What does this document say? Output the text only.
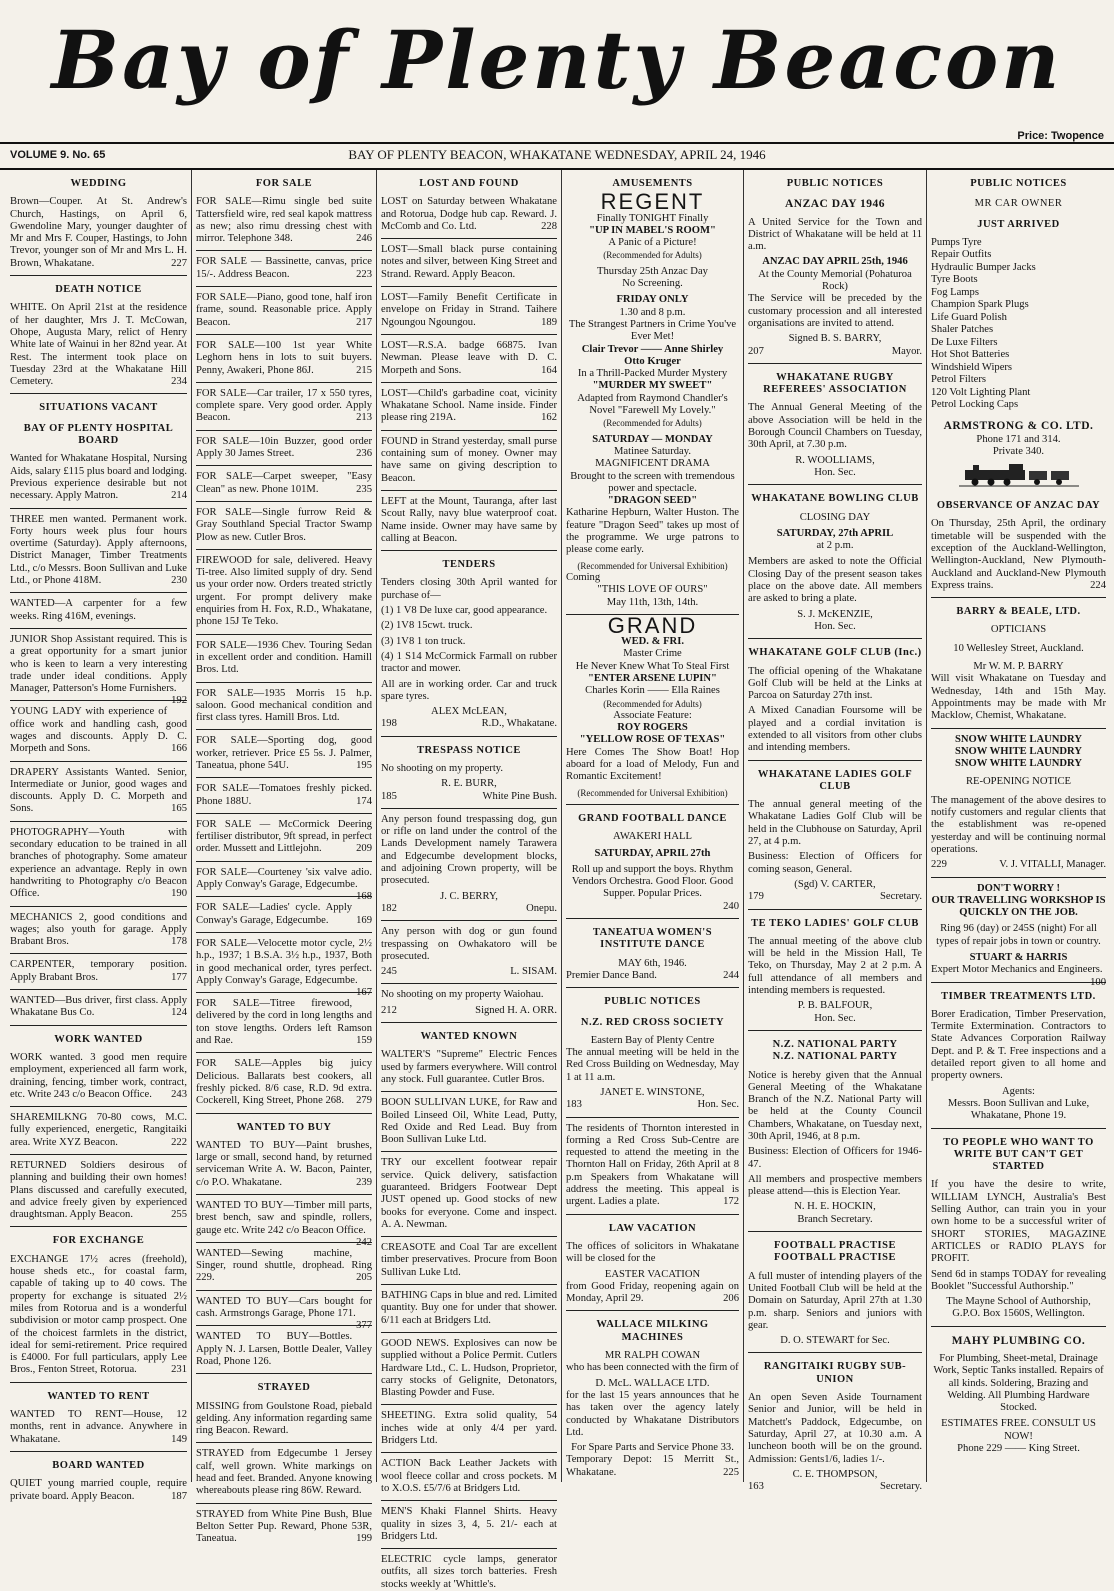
Bay of Plenty Beacon
Price: Twopence
VOLUME 9. No. 65	BAY OF PLENTY BEACON, WHAKATANE WEDNESDAY, APRIL 24, 1946
WEDDING
Brown—Couper. At St. Andrew's Church, Hastings, on April 6, Gwendoline Mary, younger daughter of Mr and Mrs F. Couper, Hastings, to John Trevor, younger son of Mr and Mrs L. H. Brown, Whakatane.	227
DEATH NOTICE
WHITE. On April 21st at the residence of her daughter, Mrs J. T. McCowan, Ohope, Augusta Mary, relict of Henry White late of Wainui in her 82nd year. At Rest. The interment took place on Tuesday 23rd at the Whakatane Hill Cemetery.	234
SITUATIONS VACANT
BAY OF PLENTY HOSPITAL BOARD
Wanted for Whakatane Hospital, Nursing Aids, salary £115 plus board and lodging. Previous experience desirable but not necessary. Apply Matron.	214
THREE men wanted. Permanent work. Forty hours week plus four hours overtime (Saturday). Apply afternoons, District Manager, Timber Treatments Ltd., c/o Messrs. Boon Sullivan and Luke Ltd., or Phone 418M.	230
WANTED—A carpenter for a few weeks. Ring 416M, evenings.
JUNIOR Shop Assistant required. This is a great opportunity for a smart junior who is keen to learn a very interesting trade under ideal conditions. Apply Manager, Patterson's Home Furnishers.
192
YOUNG LADY with experience of office work and handling cash, good wages and discounts. Apply D. C. Morpeth and Sons.	166
DRAPERY Assistants Wanted. Senior, Intermediate or Junior, good wages and discounts. Apply D. C. Morpeth and Sons.	165
PHOTOGRAPHY—Youth with secondary education to be trained in all branches of photography. Some amateur experience an advantage. Reply in own handwriting to Photography c/o Beacon Office.	190
MECHANICS 2, good conditions and wages; also youth for garage. Apply Brabant Bros.	178
CARPENTER, temporary position. Apply Brabant Bros.	177
WANTED—Bus driver, first class. Apply Whakatane Bus Co.	124
WORK WANTED
WORK wanted. 3 good men require employment, experienced all farm work, draining, fencing, timber work, contract, etc. Write 243 c/o Beacon Office. 243
SHAREMILKNG 70-80 cows, M.C. fully experienced, energetic, Rangitaiki area. Write XYZ Beacon.	222
RETURNED Soldiers desirous of planning and building their own homes! Plans discussed and carefully executed, and advice freely given by experienced draughtsman. Apply Beacon.	255
FOR EXCHANGE
EXCHANGE 17½ acres (freehold), house sheds etc., for coastal farm, capable of taking up to 40 cows. The property for exchange is situated 2½ miles from Rotorua and is a wonderful subdivision or motor camp prospect. One of the choicest farmlets in the district, ideal for semi-retirement. Price required is £4000. For full particulars, apply Lee Bros., Fenton Street, Rotorua.	231
WANTED TO RENT
WANTED TO RENT—House, 12 months, rent in advance. Anywhere in Whakatane.	149
BOARD WANTED
QUIET young married couple, require private board. Apply Beacon.	187
FOR SALE
FOR SALE—Rimu single bed suite Tattersfield wire, red seal kapok mattress as new; also rimu dressing chest with mirror. Telephone 348.	246
FOR SALE — Bassinette, canvas, price 15/-. Address Beacon.	223
FOR SALE—Piano, good tone, half iron frame, sound. Reasonable price. Apply Beacon.	217
FOR SALE—100 1st year White Leghorn hens in lots to suit buyers. Penny, Awakeri, Phone 86J.	215
FOR SALE—Car trailer, 17 x 550 tyres, complete spare. Very good order. Apply Beacon.	213
FOR SALE—10in Buzzer, good order Apply 30 James Street.	236
FOR SALE—Carpet sweeper, "Easy Clean" as new. Phone 101M.	235
FOR SALE—Single furrow Reid & Gray Southland Special Tractor Swamp Plow as new. Cutler Bros.
FIREWOOD for sale, delivered. Heavy Ti-tree. Also limited supply of dry. Send us your order now. Orders treated strictly urgent. For prompt delivery make enquiries from H. Fox, R.D., Whakatane, phone 15J Te Teko.
FOR SALE—1936 Chev. Touring Sedan in excellent order and condition. Hamill Bros. Ltd.
FOR SALE—1935 Morris 15 h.p. saloon. Good mechanical condition and first class tyres. Hamill Bros. Ltd.
FOR SALE—Sporting dog, good worker, retriever. Price £5 5s. J. Palmer, Taneatua, phone 54U.	195
FOR SALE—Tomatoes freshly picked. Phone 188U.	174
FOR SALE — McCormick Deering fertiliser distributor, 9ft spread, in perfect order. Mussett and Littlejohn.	209
FOR SALE—Courteney 'six valve adio. Apply Conway's Garage, Edgecumbe.
168
FOR SALE—Ladies' cycle. Apply Conway's Garage, Edgecumbe.	169
FOR SALE—Velocette motor cycle, 2½ h.p., 1937; 1 B.S.A. 3½ h.p., 1937, Both in good mechanical order, tyres perfect. Apply Conway's Garage, Edgecumbe.
167
FOR SALE—Titree firewood, delivered by the cord in long lengths and ton stove lengths. Orders left Ramson and Rae.	159
FOR SALE—Apples big juicy Delicious. Ballarats best cookers, all freshly picked. 8/6 case, R.D. 9d extra. Cockerell, King Street, Phone 268. 279
WANTED TO BUY
WANTED TO BUY—Paint brushes, large or small, second hand, by returned serviceman Write A. W. Bacon, Painter, c/o P.O. Whakatane.	239
WANTED TO BUY—Timber mill parts, brest bench, saw and spindle, rollers, gauge etc. Write 242 c/o Beacon Office.
242
WANTED—Sewing machine, Singer, round shuttle, drophead. Ring 229.	205
WANTED TO BUY—Cars bought for cash. Armstrongs Garage, Phone 171.
377
WANTED TO BUY—Bottles. Apply N. J. Larsen, Bottle Dealer, Valley Road, Phone 126.
STRAYED
MISSING from Goulstone Road, piebald gelding. Any information regarding same ring Beacon. Reward.
STRAYED from Edgecumbe 1 Jersey calf, well grown. White markings on head and feet. Branded. Anyone knowing whereabouts please ring 86W. Reward.
STRAYED from White Pine Bush, Blue Belton Setter Pup. Reward, Phone 53R, Taneatua.	199
LOST AND FOUND
LOST on Saturday between Whakatane and Rotorua, Dodge hub cap. Reward. J. McComb and Co. Ltd.	228
LOST—Small black purse containing notes and silver, between King Street and Strand. Reward. Apply Beacon.
LOST—Family Benefit Certificate in envelope on Friday in Strand. Taihere Ngoungou Ngoungou.	189
LOST—R.S.A. badge 66875. Ivan Newman. Please leave with D. C. Morpeth and Sons.	164
LOST—Child's garbadine coat, vicinity Whakatane School. Name inside. Finder please ring 219A.	162
FOUND in Strand yesterday, small purse containing sum of money. Owner may have same on giving description to Beacon.
LEFT at the Mount, Tauranga, after last Scout Rally, navy blue waterproof coat. Name inside. Owner may have same by calling at Beacon.
TENDERS
Tenders closing 30th April wanted for purchase of—
(1) 1 V8 De luxe car, good appearance.
(2) 1V8 15cwt. truck.
(3) 1V8 1 ton truck.
(4) 1 S14 McCormick Farmall on rubber tractor and mower.
All are in working order. Car and truck spare tyres.
ALEX McLEAN,
198	R.D., Whakatane.
TRESPASS NOTICE
No shooting on my property.
R. E. BURR,
185	White Pine Bush.
Any person found trespassing dog, gun or rifle on land under the control of the Lands Development namely Tarawera and Edgecumbe development blocks, and adjoining Crown property, will be prosecuted.
J. C. BERRY,
182	Onepu.
Any person with dog or gun found trespassing on Owhakatoro will be prosecuted.
245	L. SISAM.
No shooting on my property Waiohau.
212	Signed H. A. ORR.
WANTED KNOWN
WALTER'S "Supreme" Electric Fences used by farmers everywhere. Will control any stock. Full guarantee. Cutler Bros.
BOON SULLIVAN LUKE, for Raw and Boiled Linseed Oil, White Lead, Putty, Red Oxide and Red Lead. Buy from Boon Sullivan Luke Ltd.
TRY our excellent footwear repair service. Quick delivery, satisfaction guaranteed. Bridgers Footwear Dept JUST opened up. Good stocks of new books for everyone. Come and inspect. A. A. Newman.
CREASOTE and Coal Tar are excellent timber preservatives. Procure from Boon Sullivan Luke Ltd.
BATHING Caps in blue and red. Limited quantity. Buy one for under that shower. 6/11 each at Bridgers Ltd.
GOOD NEWS. Explosives can now be supplied without a Police Permit. Cutlers Hardware Ltd., C. L. Hudson, Proprietor, carry stocks of Gelignite, Detonators, Blasting Powder and Fuse.
SHEETING. Extra solid quality, 54 inches wide at only 4/4 per yard. Bridgers Ltd.
ACTION Back Leather Jackets with wool fleece collar and cross pockets. M to X.O.S. £5/7/6 at Bridgers Ltd.
MEN'S Khaki Flannel Shirts. Heavy quality in sizes 3, 4, 5. 21/- each at Bridgers Ltd.
ELECTRIC cycle lamps, generator outfits, all sizes torch batteries. Fresh stocks weekly at 'Whittle's.
AMUSEMENTS
REGENT
Finally TONIGHT Finally
"UP IN MABEL'S ROOM"
A Panic of a Picture!
(Recommended for Adults)
Thursday 25th Anzac Day
No Screening.
FRIDAY ONLY
1.30 and 8 p.m.
The Strangest Partners in Crime You've Ever Met!
Clair Trevor —— Anne Shirley
Otto Kruger
In a Thrill-Packed Murder Mystery
"MURDER MY SWEET"
Adapted from Raymond Chandler's Novel "Farewell My Lovely."
(Recommended for Adults)
SATURDAY — MONDAY
Matinee Saturday.
MAGNIFICENT DRAMA
Brought to the screen with tremendous power and spectacle.
"DRAGON SEED"
Katharine Hepburn, Walter Huston. The feature "Dragon Seed" takes up most of the programme. We urge patrons to please come early.
(Recommended for Universal Exhibition)
Coming
"THIS LOVE OF OURS"
May 11th, 13th, 14th.
GRAND
WED. & FRI.
Master Crime
He Never Knew What To Steal First
"ENTER ARSENE LUPIN"
Charles Korin —— Ella Raines
(Recommended for Adults)
Associate Feature:
ROY ROGERS
"YELLOW ROSE OF TEXAS"
Here Comes The Show Boat! Hop aboard for a load of Melody, Fun and Romantic Excitement!
(Recommended for Universal Exhibition)
GRAND FOOTBALL DANCE
AWAKERI HALL
SATURDAY, APRIL 27th
Roll up and support the boys. Rhythm Vendors Orchestra. Good Floor. Good Supper. Popular Prices.
240

TANEATUA WOMEN'S INSTITUTE DANCE
MAY 6th, 1946.
Premier Dance Band.	244
PUBLIC NOTICES
N.Z. RED CROSS SOCIETY
Eastern Bay of Plenty Centre
The annual meeting will be held in the Red Cross Building on Wednesday, May 1 at 11 a.m.
JANET E. WINSTONE,
183	Hon. Sec.
The residents of Thornton interested in forming a Red Cross Sub-Centre are requested to attend the meeting in the Thornton Hall on Friday, 26th April at 8 p.m Speakers from Whakatane will address the meeting. This appeal is urgent. Ladies a plate.	172
LAW VACATION
The offices of solicitors in Whakatane will be closed for the
EASTER VACATION
from Good Friday, reopening again on Monday, April 29.	206
WALLACE MILKING MACHINES
MR RALPH COWAN
who has been connected with the firm of
D. McL. WALLACE LTD.
for the last 15 years announces that he has taken over the agency lately conducted by Whakatane Distributors Ltd.
For Spare Parts and Service Phone 33.
Temporary Depot: 15 Merritt St., Whakatane.	225
PUBLIC NOTICES
ANZAC DAY 1946
A United Service for the Town and District of Whakatane will be held at 11 a.m.
ANZAC DAY APRIL 25th, 1946
At the County Memorial (Pohaturoa Rock)
The Service will be preceded by the customary procession and all interested organisations are invited to attend.
Signed B. S. BARRY,
207	Mayor.
WHAKATANE RUGBY REFEREES' ASSOCIATION
The Annual General Meeting of the above Association will be held in the Borough Council Chambers on Tuesday, 30th April, at 7.30 p.m.
R. WOOLLIAMS,
Hon. Sec.
WHAKATANE BOWLING CLUB
CLOSING DAY
SATURDAY, 27th APRIL
at 2 p.m.
Members are asked to note the Official Closing Day of the present season takes place on the above date. All members are asked to bring a plate.
S. J. McKENZIE,
Hon. Sec.
WHAKATANE GOLF CLUB (Inc.)
The official opening of the Whakatane Golf Club will be held at the Links at Parcoa on Saturday 27th inst.
A Mixed Canadian Foursome will be played and a cordial invitation is extended to all visitors from other clubs and intending members.
WHAKATANE LADIES GOLF CLUB
The annual general meeting of the Whakatane Ladies Golf Club will be held in the Clubhouse on Saturday, April 27, at 4 p.m.
Business: Election of Officers for coming season, General.
(Sgd) V. CARTER,
179	Secretary.
TE TEKO LADIES' GOLF CLUB
The annual meeting of the above club will be held in the Mission Hall, Te Teko, on Thursday, May 2 at 2 p.m. A full attendance of all members and intending members is requested.
P. B. BALFOUR,
Hon. Sec.
N.Z. NATIONAL PARTY
N.Z. NATIONAL PARTY
Notice is hereby given that the Annual General Meeting of the Whakatane Branch of the N.Z. National Party will be held at the County Council Chambers, Whakatane, on Tuesday next, 30th April, 1946, at 8 p.m.
Business: Election of Officers for 1946-47.
All members and prospective members please attend—this is Election Year.
N. H. E. HOCKIN,
Branch Secretary.
FOOTBALL PRACTISE
FOOTBALL PRACTISE
A full muster of intending players of the United Football Club will be held at the Domain on Saturday, April 27th at 1.30 p.m. sharp. Seniors and juniors with gear.
D. O. STEWART for Sec.
RANGITAIKI RUGBY SUB-UNION
An open Seven Aside Tournament Senior and Junior, will be held in Matchett's Paddock, Edgecumbe, on Saturday, April 27, at 10.30 a.m. A luncheon booth will be on the ground. Admission: Gents1/6, ladies 1/-.
C. E. THOMPSON,
163	Secretary.
PUBLIC NOTICES
MR CAR OWNER
JUST ARRIVED
Pumps Tyre
Repair Outfits
Hydraulic Bumper Jacks
Tyre Boots
Fog Lamps
Champion Spark Plugs
Life Guard Polish
Shaler Patches
De Luxe Filters
Hot Shot Batteries
Windshield Wipers
Petrol Filters
120 Volt Lighting Plant
Petrol Locking Caps
ARMSTRONG & CO. LTD.
Phone 171 and 314.
Private 340.
OBSERVANCE OF ANZAC DAY
On Thursday, 25th April, the ordinary timetable will be suspended with the exception of the Auckland-Wellington, Wellington-Auckland, New Plymouth-Auckland and Auckland-New Plymouth Express trains.	224
BARRY & BEALE, LTD.
OPTICIANS
10 Wellesley Street, Auckland.
Mr W. M. P. BARRY
Will visit Whakatane on Tuesday and Wednesday, 14th and 15th May. Appointments may be made with Mr Macklow, Chemist, Whakatane.
SNOW WHITE LAUNDRY
SNOW WHITE LAUNDRY
SNOW WHITE LAUNDRY
RE-OPENING NOTICE
The management of the above desires to notify customers and regular clients that the establishment was re-opened yesterday and will be continuing normal operations.
229	V. J. VITALLI, Manager.
DON'T WORRY !
OUR TRAVELLING WORKSHOP IS QUICKLY ON THE JOB.
Ring 96 (day) or 245S (night) For all types of repair jobs in town or country.
STUART & HARRIS
Expert Motor Mechanics and Engineers.
100
TIMBER TREATMENTS LTD.
Borer Eradication, Timber Preservation, Termite Extermination. Contractors to State Advances Corporation Railway Dept. and P. & T. Free inspections and a detailed report given to all home and property owners.
Agents:
Messrs. Boon Sullivan and Luke, Whakatane, Phone 19.
TO PEOPLE WHO WANT TO WRITE BUT CAN'T GET STARTED
If you have the desire to write, WILLIAM LYNCH, Australia's Best Selling Author, can train you in your own home to be a successful writer of SHORT STORIES, MAGAZINE ARTICLES or RADIO PLAYS for PROFIT.
Send 6d in stamps TODAY for revealing Booklet "Successful Authorship."
The Mayne School of Authorship, G.P.O. Box 1560S, Wellington.
MAHY PLUMBING CO.
For Plumbing, Sheet-metal, Drainage Work, Septic Tanks installed. Repairs of all kinds. Soldering, Brazing and Welding. All Plumbing Hardware Stocked.
ESTIMATES FREE. CONSULT US NOW!
Phone 229 —— King Street.
